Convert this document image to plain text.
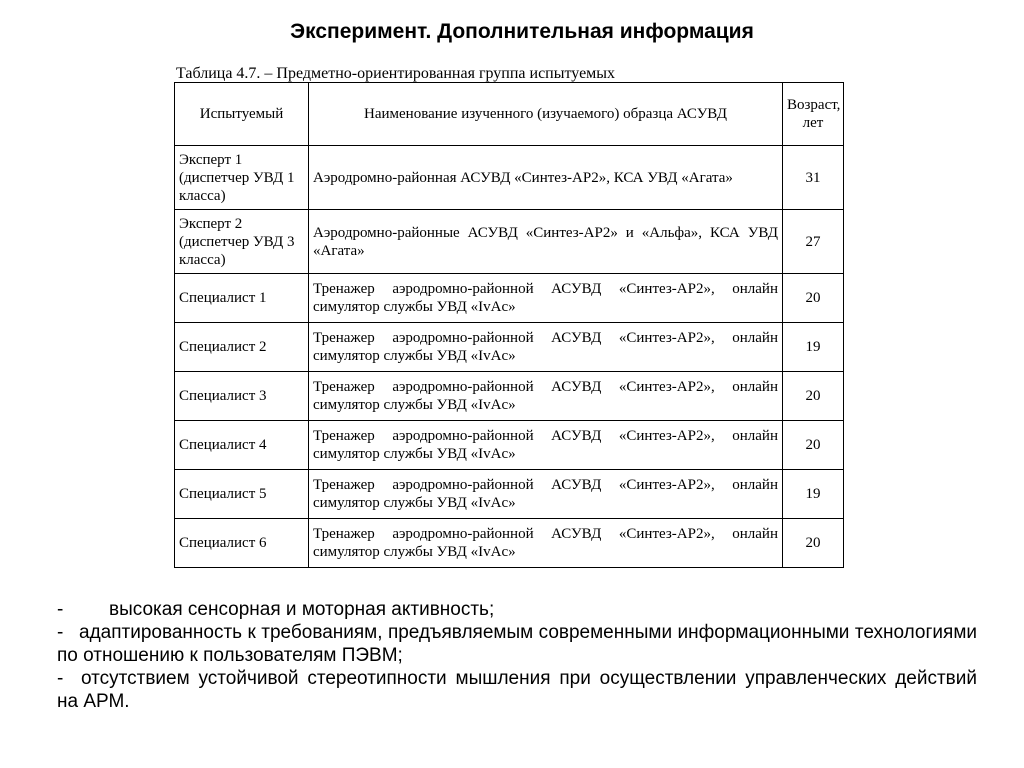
Эксперимент. Дополнительная информация
Таблица 4.7. – Предметно-ориентированная группа испытуемых
Испытуемый	Наименование изученного (изучаемого) образца АСУВД	Возраст, лет
Эксперт 1 (диспетчер УВД 1 класса)	Аэродромно-районная АСУВД «Синтез-АР2», КСА УВД «Агата»	31
Эксперт 2 (диспетчер УВД 3 класса)	Аэродромно-районные АСУВД «Синтез-АР2» и «Альфа», КСА УВД «Агата»	27
Специалист 1	Тренажер аэродромно-районной АСУВД «Синтез-АР2», онлайн симулятор службы УВД «IvAc»	20
Специалист 2	Тренажер аэродромно-районной АСУВД «Синтез-АР2», онлайн симулятор службы УВД «IvAc»	19
Специалист 3	Тренажер аэродромно-районной АСУВД «Синтез-АР2», онлайн симулятор службы УВД «IvAc»	20
Специалист 4	Тренажер аэродромно-районной АСУВД «Синтез-АР2», онлайн симулятор службы УВД «IvAc»	20
Специалист 5	Тренажер аэродромно-районной АСУВД «Синтез-АР2», онлайн симулятор службы УВД «IvAc»	19
Специалист 6	Тренажер аэродромно-районной АСУВД «Синтез-АР2», онлайн симулятор службы УВД «IvAc»	20

- высокая сенсорная и моторная активность;

- адаптированность к требованиям, предъявляемым современными информационными технологиями по отношению к пользователям ПЭВМ;

- отсутствием устойчивой стереотипности мышления при осуществлении управленческих действий на АРМ.
